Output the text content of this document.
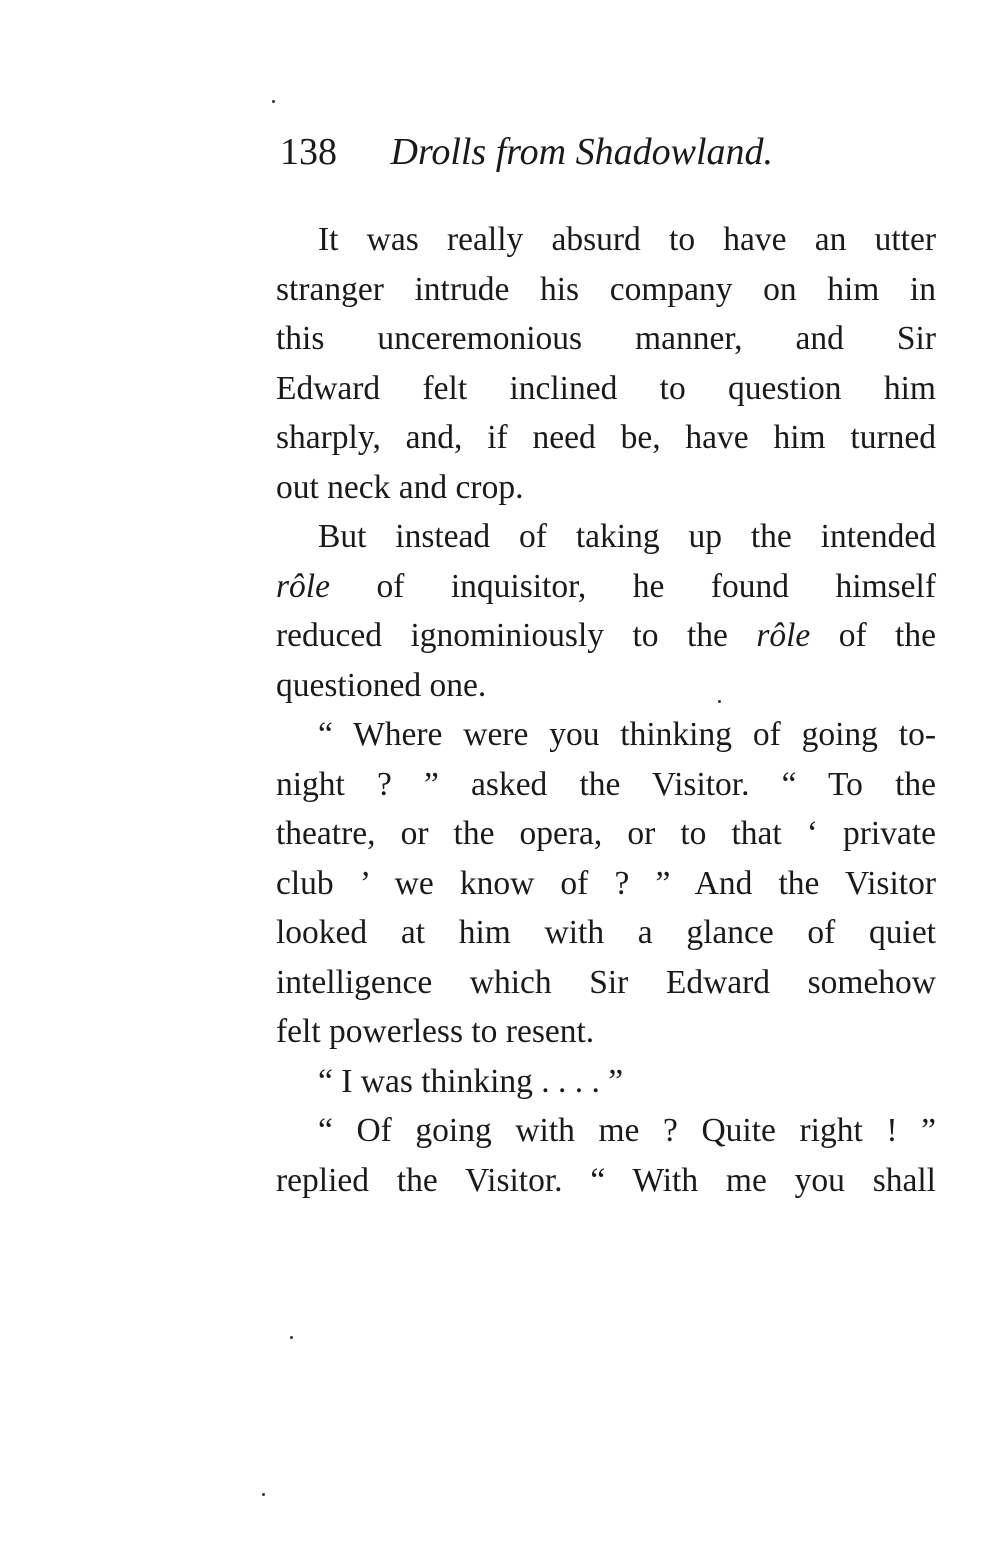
138 Drolls from Shadowland.
It was really absurd to have an utter
stranger intrude his company on him in
this unceremonious manner, and Sir
Edward felt inclined to question him
sharply, and, if need be, have him turned
out neck and crop.
But instead of taking up the intended
rôle of inquisitor, he found himself
reduced ignominiously to the rôle of the
questioned one.
“ Where were you thinking of going to-
night ? ” asked the Visitor. “ To the
theatre, or the opera, or to that ‘ private
club ’ we know of ? ” And the Visitor
looked at him with a glance of quiet
intelligence which Sir Edward somehow
felt powerless to resent.
“ I was thinking . . . . ”
“ Of going with me ? Quite right ! ”
replied the Visitor. “ With me you shall
